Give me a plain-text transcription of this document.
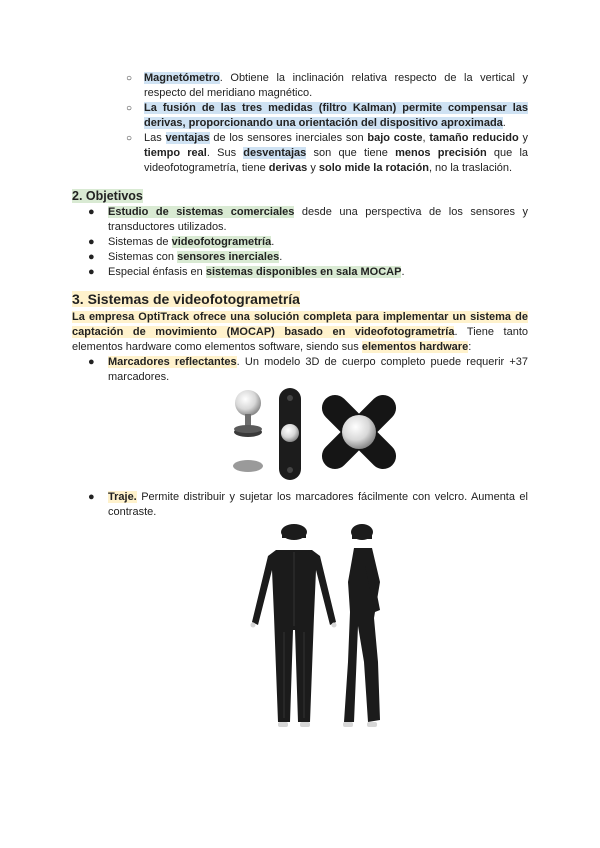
○ Magnetómetro. Obtiene la inclinación relativa respecto de la vertical y respecto del meridiano magnético.
○ La fusión de las tres medidas (filtro Kalman) permite compensar las derivas, proporcionando una orientación del dispositivo aproximada.
○ Las ventajas de los sensores inerciales son bajo coste, tamaño reducido y tiempo real. Sus desventajas son que tiene menos precisión que la videofotogrametría, tiene derivas y solo mide la rotación, no la traslación.
2. Objetivos
● Estudio de sistemas comerciales desde una perspectiva de los sensores y transductores utilizados.
● Sistemas de videofotogrametría.
● Sistemas con sensores inerciales.
● Especial énfasis en sistemas disponibles en sala MOCAP.
3. Sistemas de videofotogrametría
La empresa OptiTrack ofrece una solución completa para implementar un sistema de captación de movimiento (MOCAP) basado en videofotogrametría. Tiene tanto elementos hardware como elementos software, siendo sus elementos hardware:
● Marcadores reflectantes. Un modelo 3D de cuerpo completo puede requerir +37 marcadores.
● Traje. Permite distribuir y sujetar los marcadores fácilmente con velcro. Aumenta el contraste.
